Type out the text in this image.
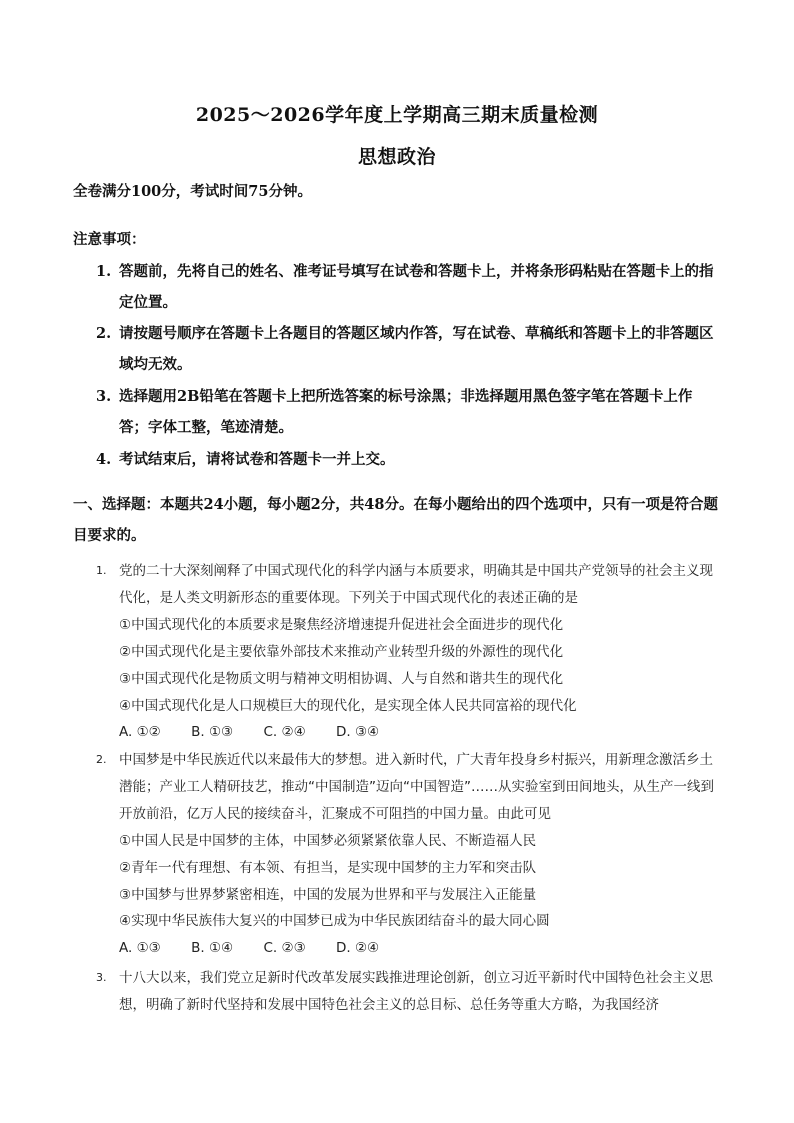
2025～2026学年度上学期高三期末质量检测
思想政治
全卷满分100分，考试时间75分钟。
注意事项：
1. 答题前，先将自己的姓名、准考证号填写在试卷和答题卡上，并将条形码粘贴在答题卡上的指定位置。
2. 请按题号顺序在答题卡上各题目的答题区域内作答，写在试卷、草稿纸和答题卡上的非答题区域均无效。
3. 选择题用2B铅笔在答题卡上把所选答案的标号涂黑；非选择题用黑色签字笔在答题卡上作答；字体工整，笔迹清楚。
4. 考试结束后，请将试卷和答题卡一并上交。
一、选择题：本题共24小题，每小题2分，共48分。在每小题给出的四个选项中，只有一项是符合题目要求的。
1. 党的二十大深刻阐释了中国式现代化的科学内涵与本质要求，明确其是中国共产党领导的社会主义现代化，是人类文明新形态的重要体现。下列关于中国式现代化的表述正确的是
①中国式现代化的本质要求是聚焦经济增速提升促进社会全面进步的现代化
②中国式现代化是主要依靠外部技术来推动产业转型升级的外源性的现代化
③中国式现代化是物质文明与精神文明相协调、人与自然和谐共生的现代化
④中国式现代化是人口规模巨大的现代化，是实现全体人民共同富裕的现代化
A. ①② B. ①③ C. ②④ D. ③④
2. 中国梦是中华民族近代以来最伟大的梦想。进入新时代，广大青年投身乡村振兴，用新理念激活乡土潜能；产业工人精研技艺，推动“中国制造”迈向“中国智造”……从实验室到田间地头，从生产一线到开放前沿，亿万人民的接续奋斗，汇聚成不可阻挡的中国力量。由此可见
①中国人民是中国梦的主体，中国梦必须紧紧依靠人民、不断造福人民
②青年一代有理想、有本领、有担当，是实现中国梦的主力军和突击队
③中国梦与世界梦紧密相连，中国的发展为世界和平与发展注入正能量
④实现中华民族伟大复兴的中国梦已成为中华民族团结奋斗的最大同心圆
A. ①③ B. ①④ C. ②③ D. ②④
3. 十八大以来，我们党立足新时代改革发展实践推进理论创新，创立习近平新时代中国特色社会主义思想，明确了新时代坚持和发展中国特色社会主义的总目标、总任务等重大方略，为我国经济
